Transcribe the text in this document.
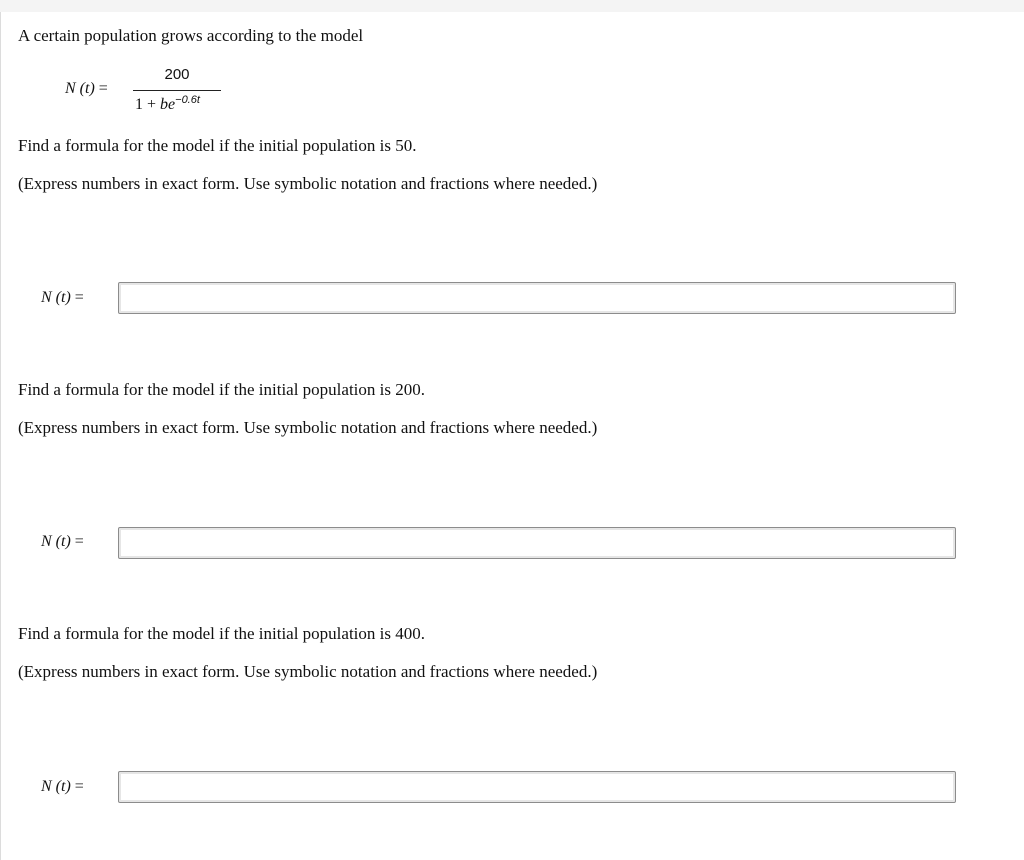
A certain population grows according to the model
N (t) =
200
$1 + be^{-0.6t}$
Find a formula for the model if the initial population is 50.
(Express numbers in exact form. Use symbolic notation and fractions where needed.)
N (t) =
Find a formula for the model if the initial population is 200.
(Express numbers in exact form. Use symbolic notation and fractions where needed.)
N (t) =
Find a formula for the model if the initial population is 400.
(Express numbers in exact form. Use symbolic notation and fractions where needed.)
N (t) =
